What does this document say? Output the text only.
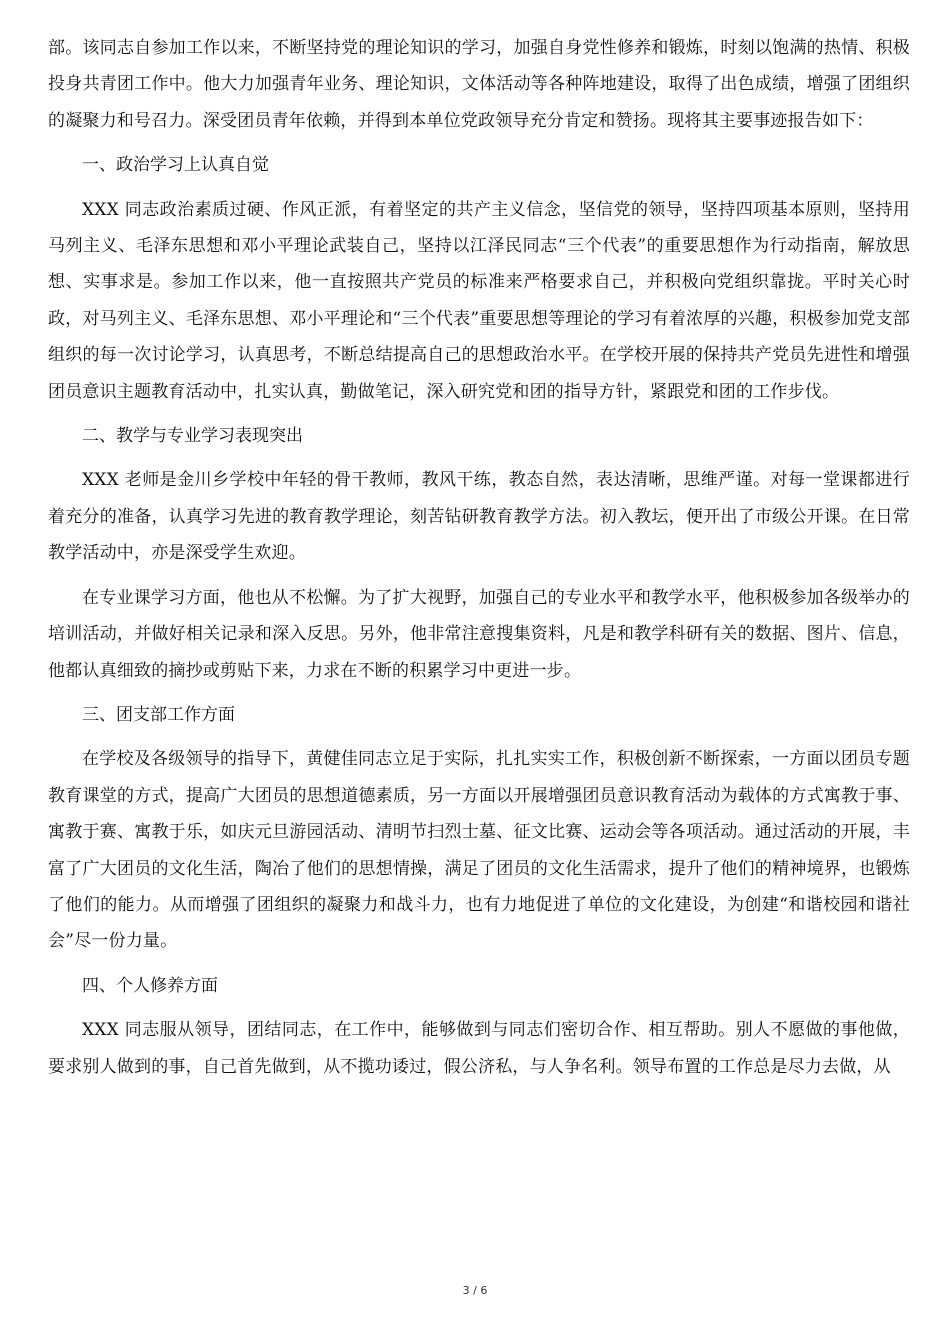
部。该同志自参加工作以来，不断坚持党的理论知识的学习，加强自身党性修养和锻炼，时刻以饱满的热情、积极投身共青团工作中。他大力加强青年业务、理论知识，文体活动等各种阵地建设，取得了出色成绩，增强了团组织的凝聚力和号召力。深受团员青年依赖，并得到本单位党政领导充分肯定和赞扬。现将其主要事迹报告如下：

一、政治学习上认真自觉

XXX 同志政治素质过硬、作风正派，有着坚定的共产主义信念，坚信党的领导，坚持四项基本原则，坚持用马列主义、毛泽东思想和邓小平理论武装自己，坚持以江泽民同志“三个代表”的重要思想作为行动指南，解放思想、实事求是。参加工作以来，他一直按照共产党员的标准来严格要求自己，并积极向党组织靠拢。平时关心时政，对马列主义、毛泽东思想、邓小平理论和“三个代表”重要思想等理论的学习有着浓厚的兴趣，积极参加党支部组织的每一次讨论学习，认真思考，不断总结提高自己的思想政治水平。在学校开展的保持共产党员先进性和增强团员意识主题教育活动中，扎实认真，勤做笔记，深入研究党和团的指导方针，紧跟党和团的工作步伐。

二、教学与专业学习表现突出

XXX 老师是金川乡学校中年轻的骨干教师，教风干练，教态自然，表达清晰，思维严谨。对每一堂课都进行着充分的准备，认真学习先进的教育教学理论，刻苦钻研教育教学方法。初入教坛，便开出了市级公开课。在日常教学活动中，亦是深受学生欢迎。

在专业课学习方面，他也从不松懈。为了扩大视野，加强自己的专业水平和教学水平，他积极参加各级举办的培训活动，并做好相关记录和深入反思。另外，他非常注意搜集资料，凡是和教学科研有关的数据、图片、信息，他都认真细致的摘抄或剪贴下来，力求在不断的积累学习中更进一步。

三、团支部工作方面

在学校及各级领导的指导下，黄健佳同志立足于实际，扎扎实实工作，积极创新不断探索，一方面以团员专题教育课堂的方式，提高广大团员的思想道德素质，另一方面以开展增强团员意识教育活动为载体的方式寓教于事、寓教于赛、寓教于乐，如庆元旦游园活动、清明节扫烈士墓、征文比赛、运动会等各项活动。通过活动的开展，丰富了广大团员的文化生活，陶冶了他们的思想情操，满足了团员的文化生活需求，提升了他们的精神境界，也锻炼了他们的能力。从而增强了团组织的凝聚力和战斗力，也有力地促进了单位的文化建设，为创建“和谐校园和谐社会”尽一份力量。

四、个人修养方面

XXX 同志服从领导，团结同志，在工作中，能够做到与同志们密切合作、相互帮助。别人不愿做的事他做，要求别人做到的事，自己首先做到，从不揽功诿过，假公济私，与人争名利。领导布置的工作总是尽力去做，从

3 / 6
